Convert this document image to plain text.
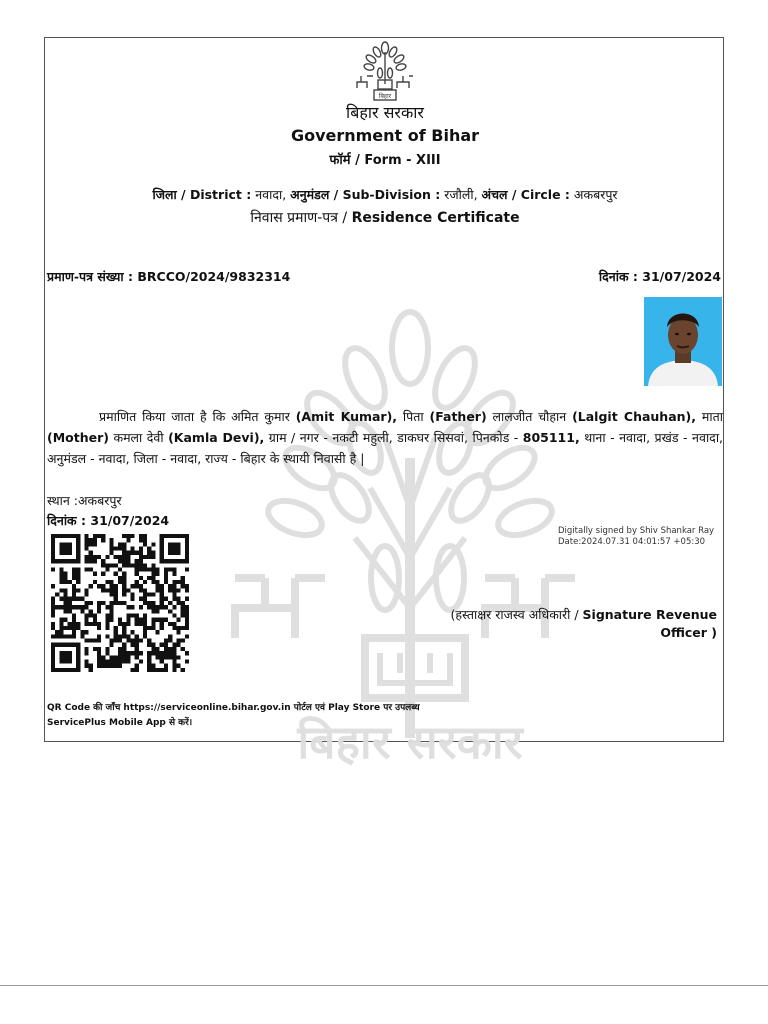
बिहार सरकार
बिहार
बिहार सरकार
Government of Bihar
फॉर्म / Form - XIII
जिला / District : नवादा, अनुमंडल / Sub-Division : रजौली, अंचल / Circle : अकबरपुर
निवास प्रमाण-पत्र / Residence Certificate
प्रमाण-पत्र संख्या : BRCCO/2024/9832314	दिनांक : 31/07/2024
प्रमाणित किया जाता है कि अमित कुमार (Amit Kumar), पिता (Father) लालजीत चौहान (Lalgit Chauhan), माता (Mother) कमला देवी (Kamla Devi), ग्राम / नगर - नकटी महुली, डाकघर सिसवां, पिनकोड - 805111, थाना - नवादा, प्रखंड - नवादा, अनुमंडल - नवादा, जिला - नवादा, राज्य - बिहार के स्थायी निवासी है |
स्थान :अकबरपुर
दिनांक : 31/07/2024
Digitally signed by Shiv Shankar Ray
Date:2024.07.31 04:01:57 +05:30
(हस्ताक्षर राजस्व अधिकारी / Signature Revenue
Officer )
QR Code की जाँच https://serviceonline.bihar.gov.in पोर्टल एवं Play Store पर उपलब्ध
ServicePlus Mobile App से करें।
